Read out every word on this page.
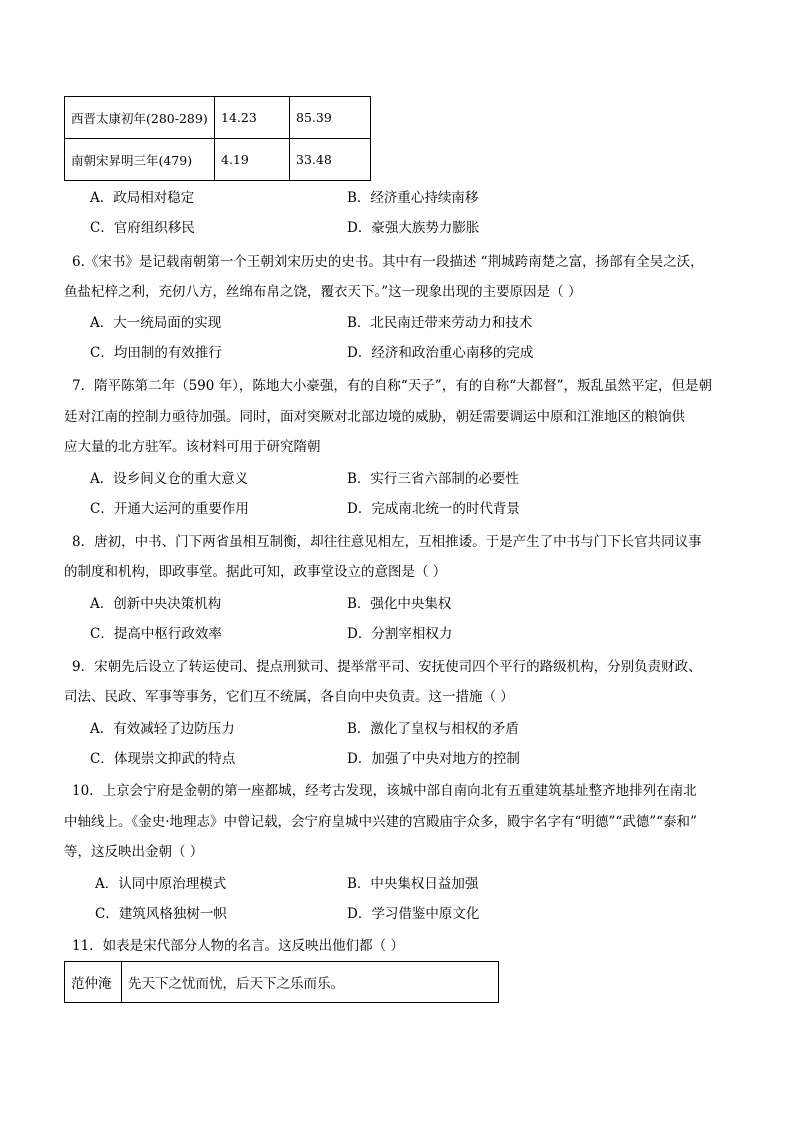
西晋太康初年(280-289)	14.23	85.39
南朝宋昇明三年(479)	4.19	33.48
A．政局相对稳定	B．经济重心持续南移
C．官府组织移民	D．豪强大族势力膨胀
6.《宋书》是记载南朝第一个王朝刘宋历史的史书。其中有一段描述 “荆城跨南楚之富，扬部有全吴之沃，
鱼盐杞梓之利，充仞八方，丝绵布帛之饶，覆衣天下。”这一现象出现的主要原因是（ ）
A．大一统局面的实现	B．北民南迁带来劳动力和技术
C．均田制的有效推行	D．经济和政治重心南移的完成
7．隋平陈第二年（590 年），陈地大小豪强，有的自称“天子”，有的自称“大都督”，叛乱虽然平定，但是朝
廷对江南的控制力亟待加强。同时，面对突厥对北部边境的威胁，朝廷需要调运中原和江淮地区的粮饷供
应大量的北方驻军。该材料可用于研究隋朝
A．设乡间义仓的重大意义	B．实行三省六部制的必要性
C．开通大运河的重要作用	D．完成南北统一的时代背景
8．唐初，中书、门下两省虽相互制衡，却往往意见相左，互相推诿。于是产生了中书与门下长官共同议事
的制度和机构，即政事堂。据此可知，政事堂设立的意图是（ ）
A．创新中央决策机构	B．强化中央集权
C．提高中枢行政效率	D．分割宰相权力
9．宋朝先后设立了转运使司、提点刑狱司、提举常平司、安抚使司四个平行的路级机构，分别负责财政、
司法、民政、军事等事务，它们互不统属，各自向中央负责。这一措施（ ）
A．有效减轻了边防压力	B．激化了皇权与相权的矛盾
C．体现崇文抑武的特点	D．加强了中央对地方的控制
10．上京会宁府是金朝的第一座都城，经考古发现，该城中部自南向北有五重建筑基址整齐地排列在南北
中轴线上。《金史·地理志》中曾记载，会宁府皇城中兴建的宫殿庙宇众多，殿宇名字有“明德”“武德”“泰和”
等，这反映出金朝（ ）
A．认同中原治理模式	B．中央集权日益加强
C．建筑风格独树一帜	D．学习借鉴中原文化
11．如表是宋代部分人物的名言。这反映出他们都（ ）
范仲淹	先天下之忧而忧，后天下之乐而乐。
